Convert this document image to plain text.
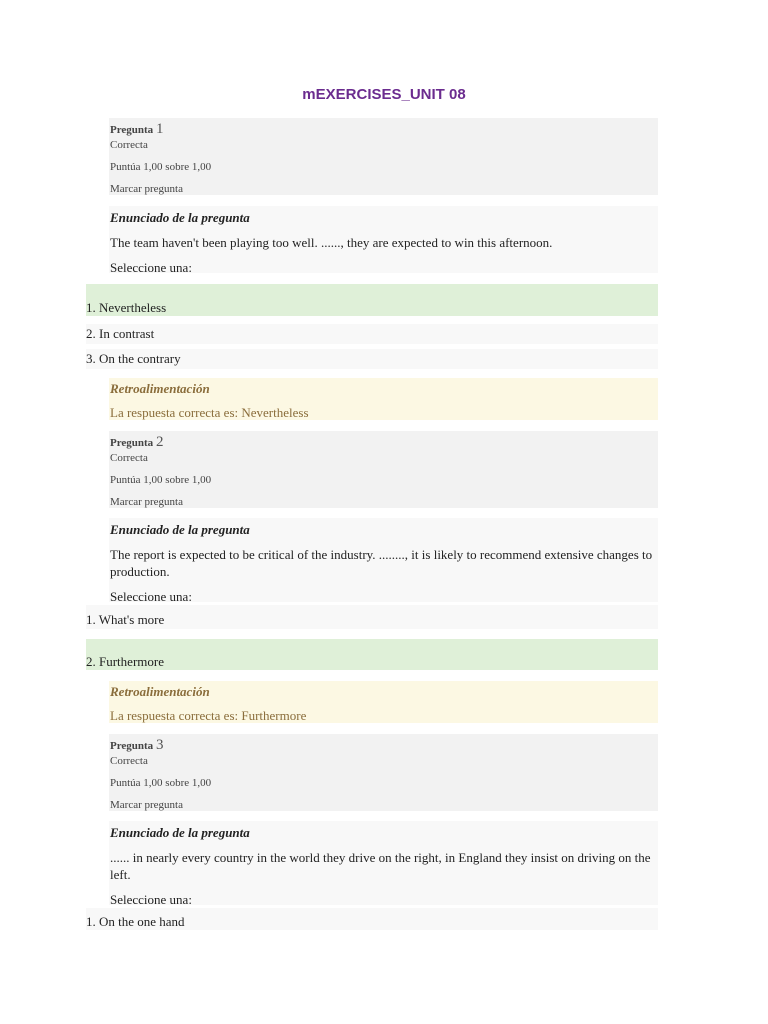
mEXERCISES_UNIT 08
Pregunta 1
Correcta
Puntúa 1,00 sobre 1,00
Marcar pregunta
Enunciado de la pregunta
The team haven't been playing too well. ......, they are expected to win this afternoon.
Seleccione una:
1. Nevertheless
2. In contrast
3. On the contrary
Retroalimentación
La respuesta correcta es: Nevertheless
Pregunta 2
Correcta
Puntúa 1,00 sobre 1,00
Marcar pregunta
Enunciado de la pregunta
The report is expected to be critical of the industry. ........, it is likely to recommend extensive changes to production.
Seleccione una:
1. What's more
2. Furthermore
Retroalimentación
La respuesta correcta es: Furthermore
Pregunta 3
Correcta
Puntúa 1,00 sobre 1,00
Marcar pregunta
Enunciado de la pregunta
...... in nearly every country in the world they drive on the right, in England they insist on driving on the left.
Seleccione una:
1. On the one hand
